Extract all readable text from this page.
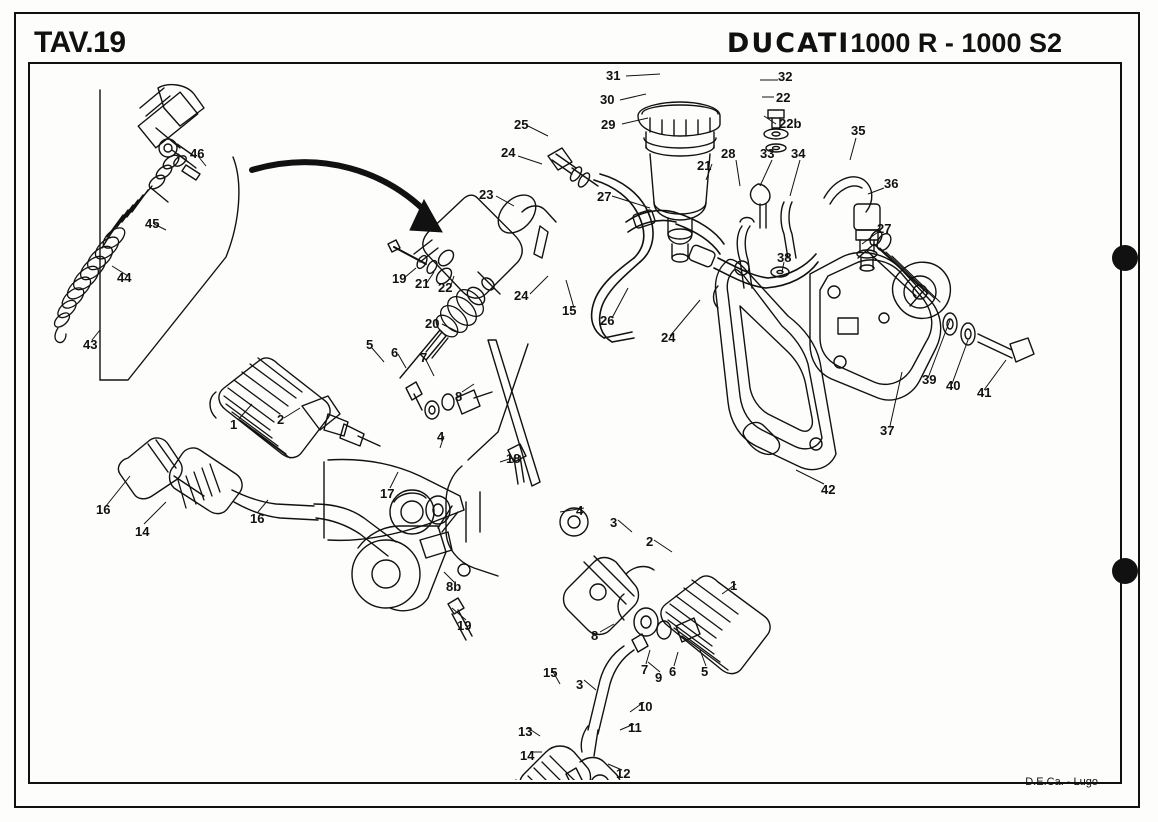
TAV.19	DUCATI1000 R - 1000 S2
D.E.Ca. - Lugo
31
30
29
32
22
22b
21
28 33 34
35
36
27
38
39 40 41
37
42
27
24
26
25
24
23
15
24
19 21 22
20
46
45
44
43	5
6 7
8
1	2
4
18
17
16
14
16
8b
19
4
3
2
1
8
7 6 5
9
15
3
10
11
13
14
12
